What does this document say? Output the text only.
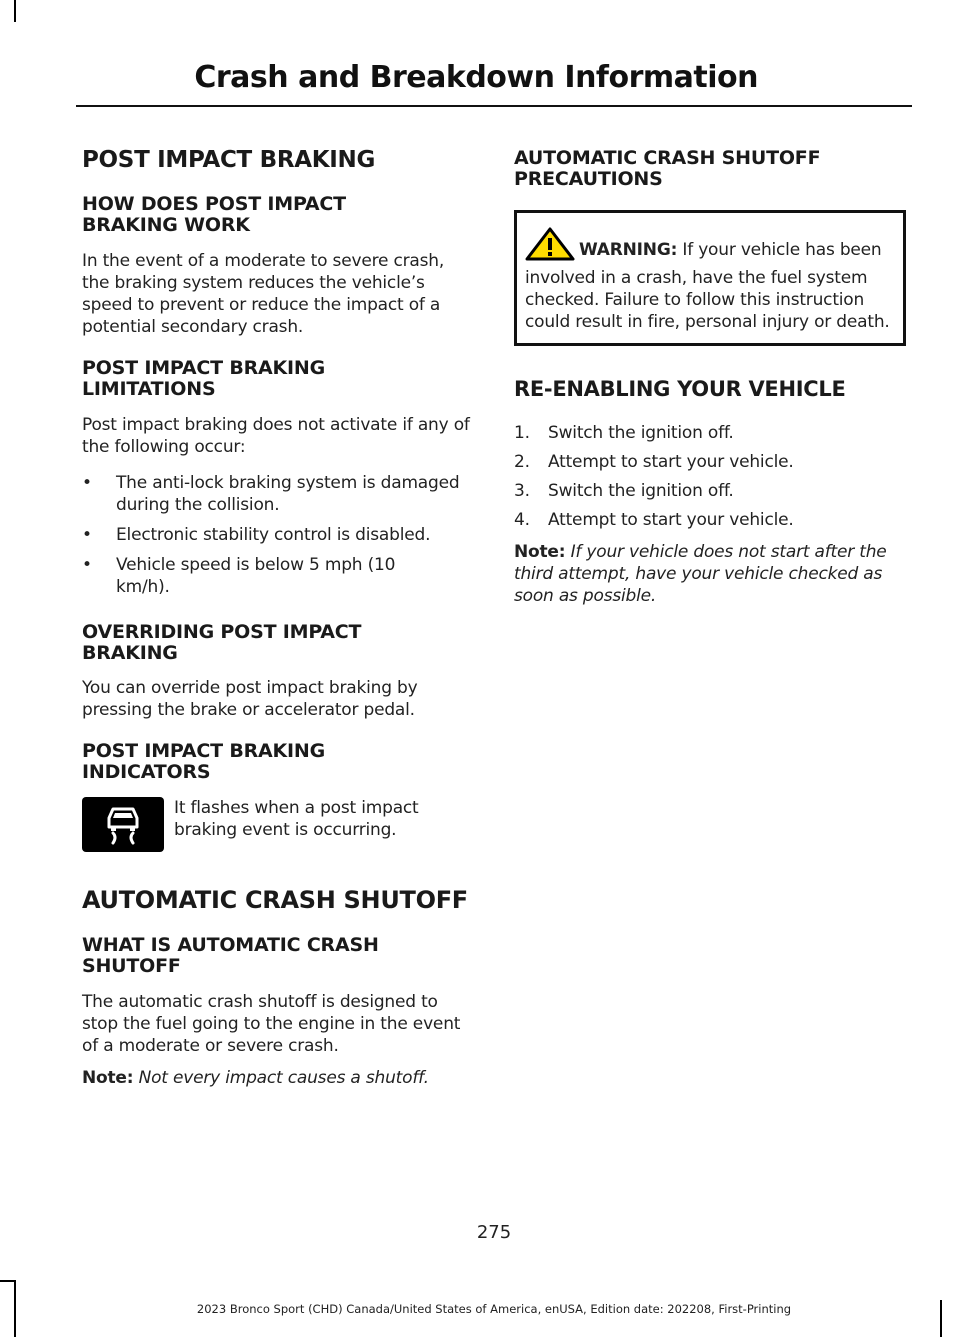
Crash and Breakdown Information
POST IMPACT BRAKING
HOW DOES POST IMPACT BRAKING WORK

In the event of a moderate to severe crash, the braking system reduces the vehicle’s speed to prevent or reduce the impact of a potential secondary crash.

POST IMPACT BRAKING LIMITATIONS

Post impact braking does not activate if any of the following occur:

• The anti-lock braking system is damaged during the collision.
• Electronic stability control is disabled.
• Vehicle speed is below 5 mph (10 km/h).
OVERRIDING POST IMPACT BRAKING

You can override post impact braking by pressing the brake or accelerator pedal.

POST IMPACT BRAKING INDICATORS
It flashes when a post impact braking event is occurring.
AUTOMATIC CRASH SHUTOFF
WHAT IS AUTOMATIC CRASH SHUTOFF

The automatic crash shutoff is designed to stop the fuel going to the engine in the event of a moderate or severe crash.

Note: Not every impact causes a shutoff.

AUTOMATIC CRASH SHUTOFF PRECAUTIONS
WARNING: If your vehicle has been involved in a crash, have the fuel system checked. Failure to follow this instruction could result in fire, personal injury or death.
RE-ENABLING YOUR VEHICLE
1. Switch the ignition off.
2. Attempt to start your vehicle.
3. Switch the ignition off.
4. Attempt to start your vehicle.

Note: If your vehicle does not start after the third attempt, have your vehicle checked as soon as possible.

275
2023 Bronco Sport (CHD) Canada/United States of America, enUSA, Edition date: 202208, First-Printing
